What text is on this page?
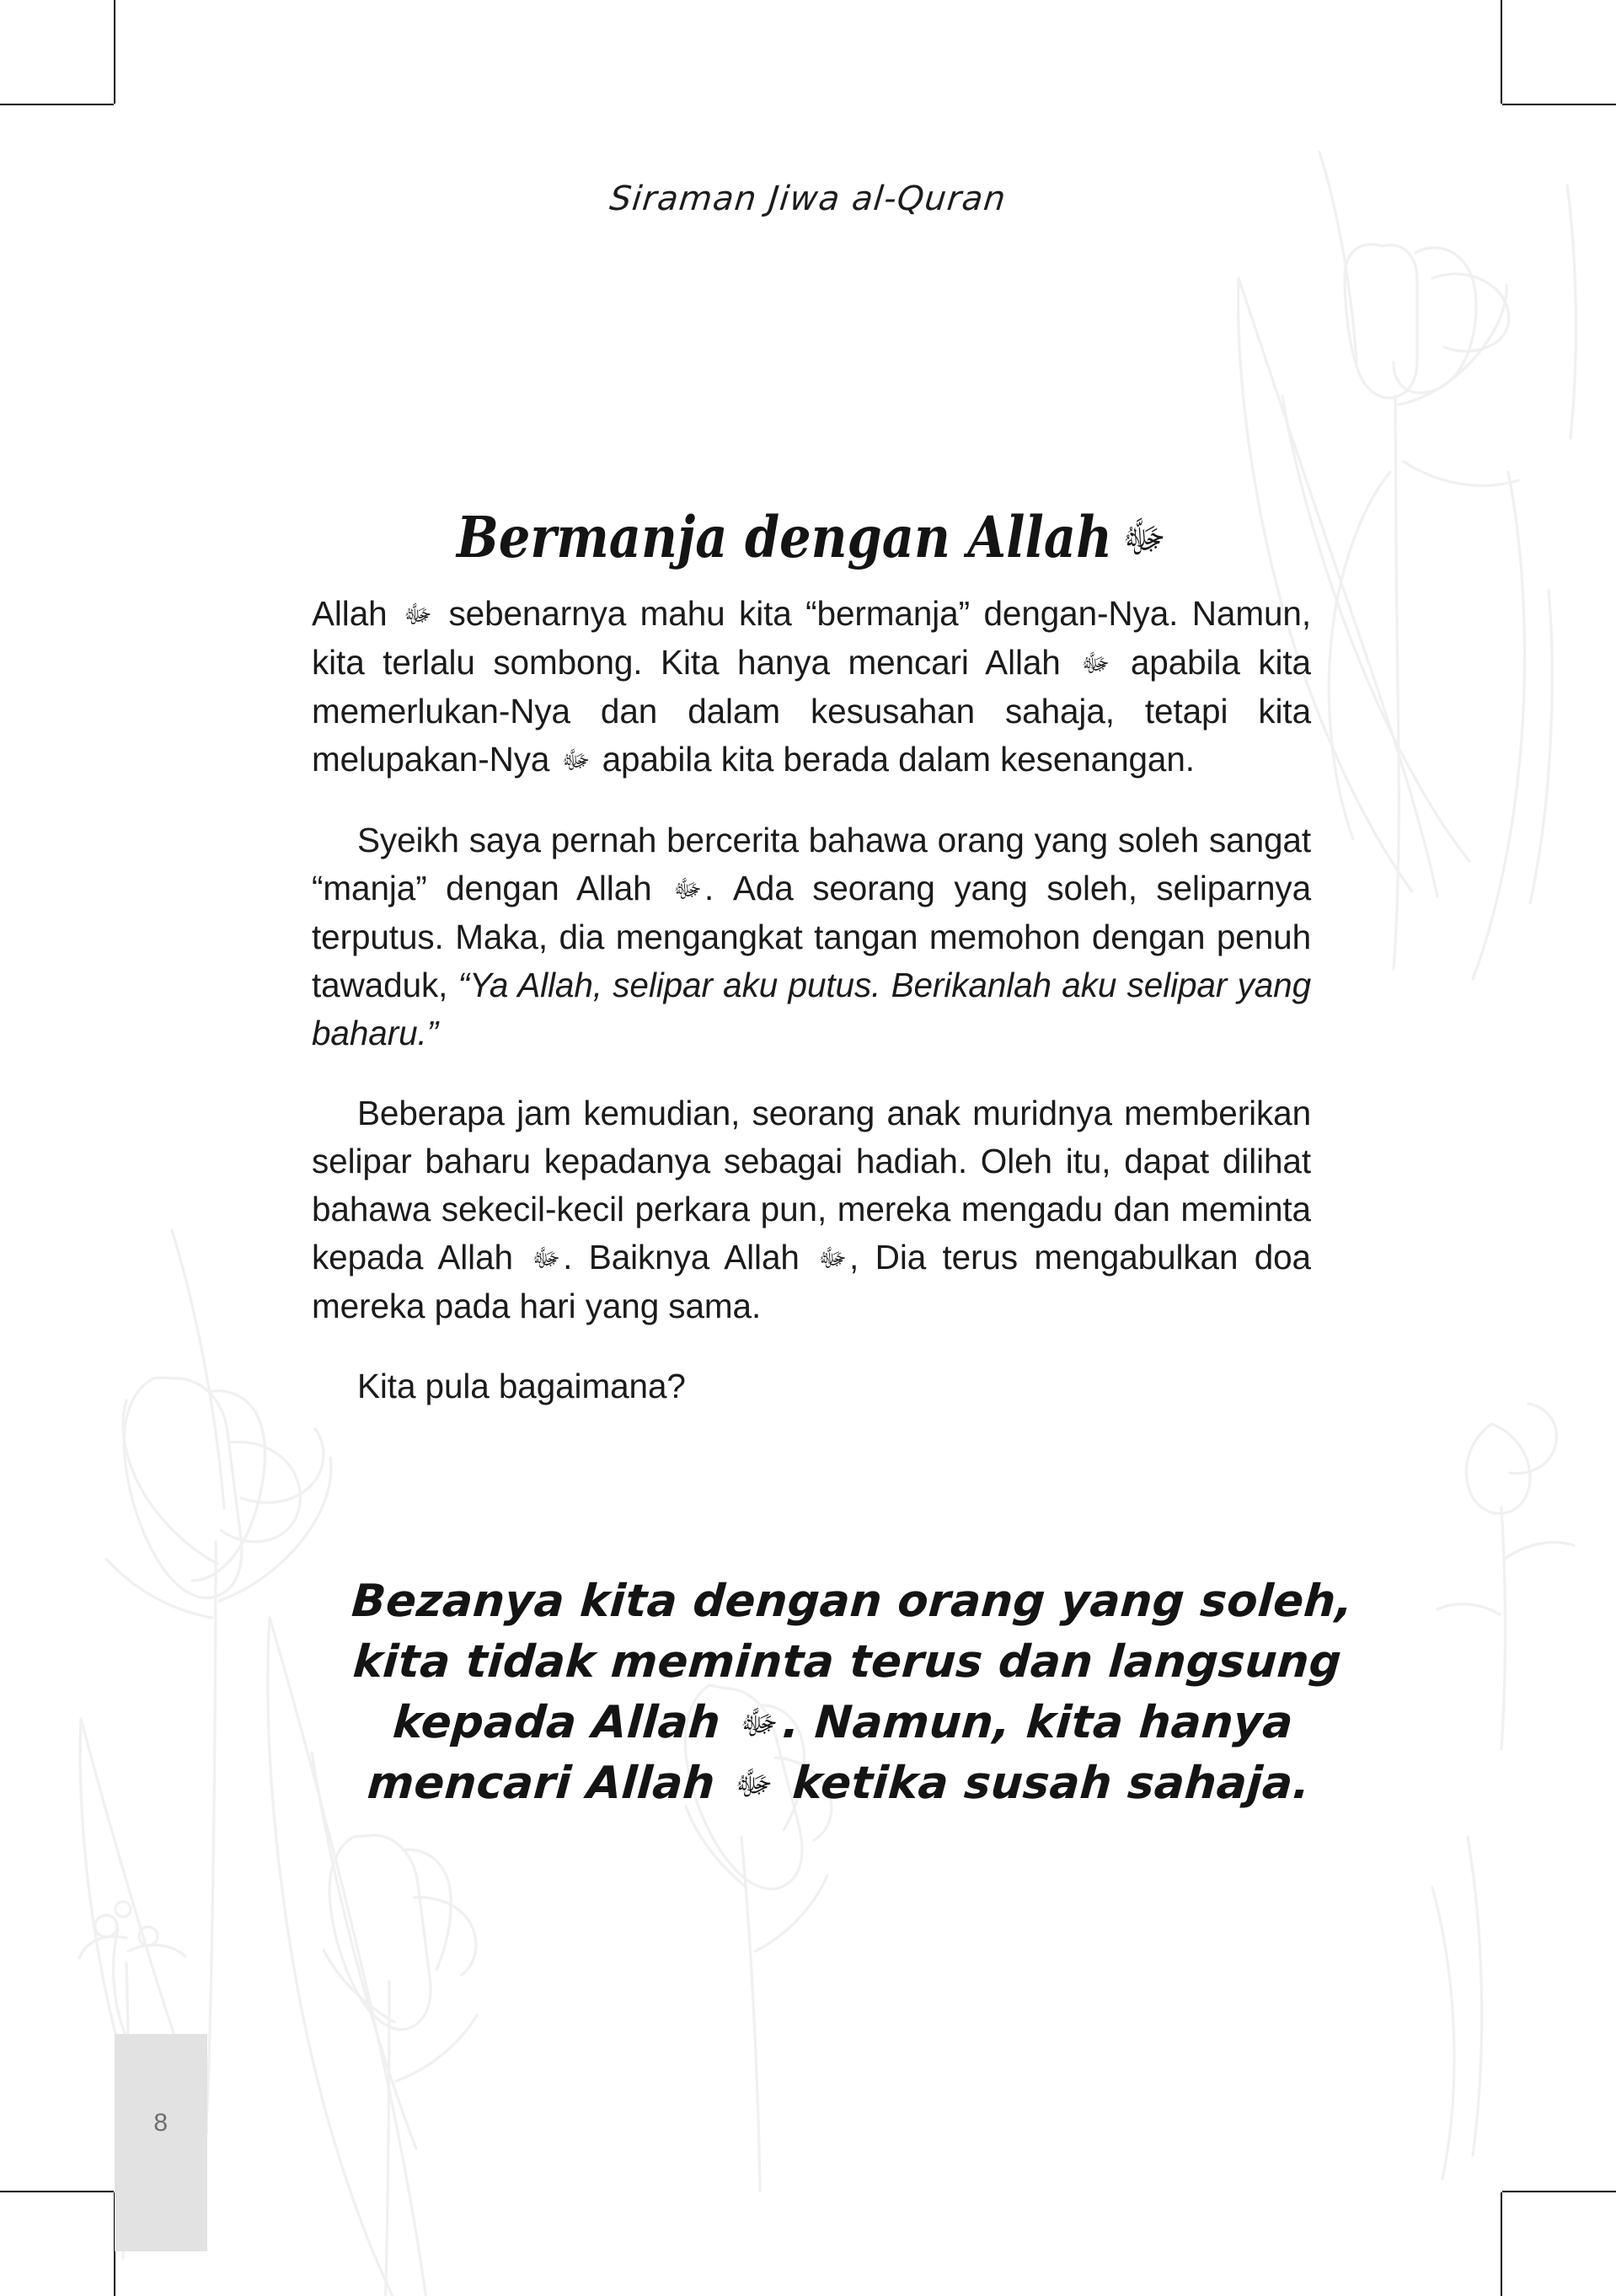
Siraman Jiwa al-Quran
Bermanja dengan Allah ﷻ

Allah ﷻ sebenarnya mahu kita “bermanja” dengan-Nya. Namun, kita terlalu sombong. Kita hanya mencari Allah ﷻ apabila kita memerlukan-Nya dan dalam kesusahan sahaja, tetapi kita melupakan-Nya ﷻ apabila kita berada dalam kesenangan.

Syeikh saya pernah bercerita bahawa orang yang soleh sangat “manja” dengan Allah ﷻ. Ada seorang yang soleh, seliparnya terputus. Maka, dia mengangkat tangan memohon dengan penuh tawaduk, “Ya Allah, selipar aku putus. Berikanlah aku selipar yang baharu.”

Beberapa jam kemudian, seorang anak muridnya memberikan selipar baharu kepadanya sebagai hadiah. Oleh itu, dapat dilihat bahawa sekecil-kecil perkara pun, mereka mengadu dan meminta kepada Allah ﷻ. Baiknya Allah ﷻ, Dia terus mengabulkan doa mereka pada hari yang sama.

Kita pula bagaimana?

Bezanya kita dengan orang yang soleh,
kita tidak meminta terus dan langsung
kepada Allah ﷻ. Namun, kita hanya
mencari Allah ﷻ ketika susah sahaja.
8
